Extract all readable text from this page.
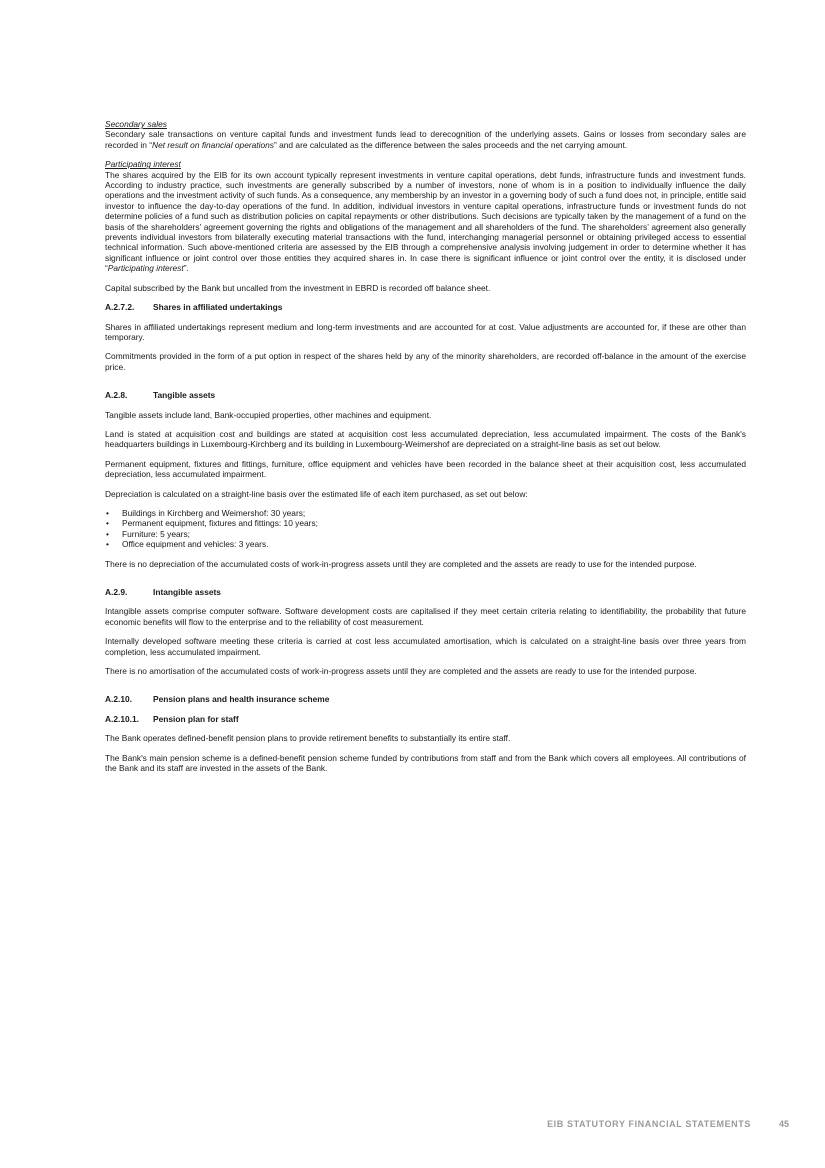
Secondary sales

Secondary sale transactions on venture capital funds and investment funds lead to derecognition of the underlying assets. Gains or losses from secondary sales are recorded in “Net result on financial operations” and are calculated as the difference between the sales proceeds and the net carrying amount.

Participating interest

The shares acquired by the EIB for its own account typically represent investments in venture capital operations, debt funds, infrastructure funds and investment funds. According to industry practice, such investments are generally subscribed by a number of investors, none of whom is in a position to individually influence the daily operations and the investment activity of such funds. As a consequence, any membership by an investor in a governing body of such a fund does not, in principle, entitle said investor to influence the day-to-day operations of the fund. In addition, individual investors in venture capital operations, infrastructure funds or investment funds do not determine policies of a fund such as distribution policies on capital repayments or other distributions. Such decisions are typically taken by the management of a fund on the basis of the shareholders’ agreement governing the rights and obligations of the management and all shareholders of the fund. The shareholders’ agreement also generally prevents individual investors from bilaterally executing material transactions with the fund, interchanging managerial personnel or obtaining privileged access to essential technical information. Such above-mentioned criteria are assessed by the EIB through a comprehensive analysis involving judgement in order to determine whether it has significant influence or joint control over those entities they acquired shares in. In case there is significant influence or joint control over the entity, it is disclosed under “Participating interest”.

Capital subscribed by the Bank but uncalled from the investment in EBRD is recorded off balance sheet.

A.2.7.2. Shares in affiliated undertakings

Shares in affiliated undertakings represent medium and long-term investments and are accounted for at cost. Value adjustments are accounted for, if these are other than temporary.

Commitments provided in the form of a put option in respect of the shares held by any of the minority shareholders, are recorded off-balance in the amount of the exercise price.

A.2.8.	Tangible assets

Tangible assets include land, Bank-occupied properties, other machines and equipment.

Land is stated at acquisition cost and buildings are stated at acquisition cost less accumulated depreciation, less accumulated impairment. The costs of the Bank's headquarters buildings in Luxembourg-Kirchberg and its building in Luxembourg-Weimershof are depreciated on a straight-line basis as set out below.

Permanent equipment, fixtures and fittings, furniture, office equipment and vehicles have been recorded in the balance sheet at their acquisition cost, less accumulated depreciation, less accumulated impairment.

Depreciation is calculated on a straight-line basis over the estimated life of each item purchased, as set out below:

• Buildings in Kirchberg and Weimershof: 30 years;
• Permanent equipment, fixtures and fittings: 10 years;
• Furniture: 5 years;
• Office equipment and vehicles: 3 years.

There is no depreciation of the accumulated costs of work-in-progress assets until they are completed and the assets are ready to use for the intended purpose.

A.2.9.	Intangible assets

Intangible assets comprise computer software. Software development costs are capitalised if they meet certain criteria relating to identifiability, the probability that future economic benefits will flow to the enterprise and to the reliability of cost measurement.

Internally developed software meeting these criteria is carried at cost less accumulated amortisation, which is calculated on a straight-line basis over three years from completion, less accumulated impairment.

There is no amortisation of the accumulated costs of work-in-progress assets until they are completed and the assets are ready to use for the intended purpose.

A.2.10. Pension plans and health insurance scheme
A.2.10.1. Pension plan for staff

The Bank operates defined-benefit pension plans to provide retirement benefits to substantially its entire staff.

The Bank's main pension scheme is a defined-benefit pension scheme funded by contributions from staff and from the Bank which covers all employees. All contributions of the Bank and its staff are invested in the assets of the Bank.

EIB STATUTORY FINANCIAL STATEMENTS	45
